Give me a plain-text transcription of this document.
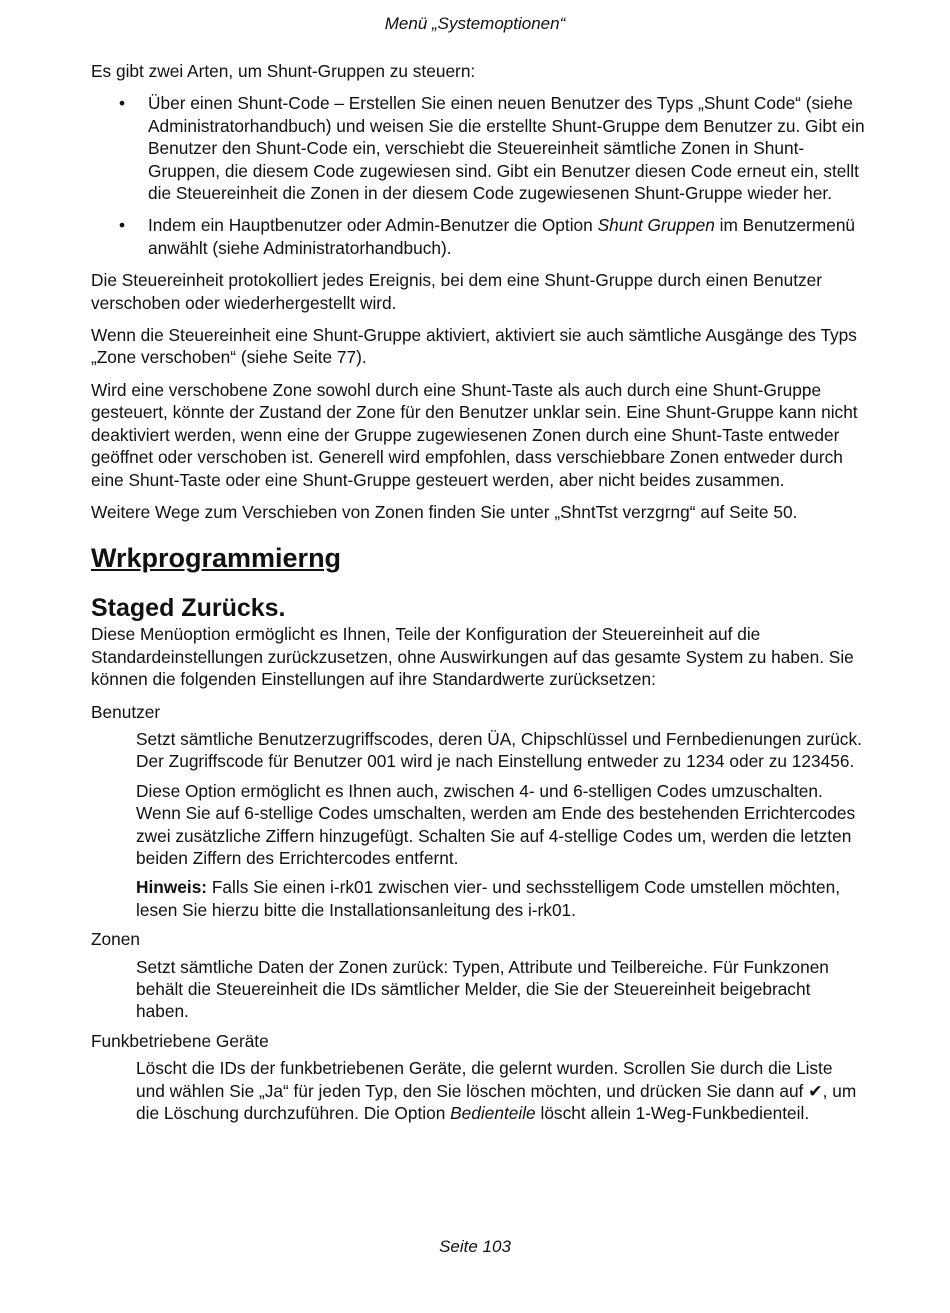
Menü „Systemoptionen“

Es gibt zwei Arten, um Shunt-Gruppen zu steuern:

• Über einen Shunt-Code – Erstellen Sie einen neuen Benutzer des Typs „Shunt Code“ (siehe Administratorhandbuch) und weisen Sie die erstellte Shunt-Gruppe dem Benutzer zu. Gibt ein Benutzer den Shunt-Code ein, verschiebt die Steuereinheit sämtliche Zonen in Shunt-Gruppen, die diesem Code zugewiesen sind. Gibt ein Benutzer diesen Code erneut ein, stellt die Steuereinheit die Zonen in der diesem Code zugewiesenen Shunt-Gruppe wieder her.
• Indem ein Hauptbenutzer oder Admin-Benutzer die Option Shunt Gruppen im Benutzermenü anwählt (siehe Administratorhandbuch).

Die Steuereinheit protokolliert jedes Ereignis, bei dem eine Shunt-Gruppe durch einen Benutzer verschoben oder wiederhergestellt wird.

Wenn die Steuereinheit eine Shunt-Gruppe aktiviert, aktiviert sie auch sämtliche Ausgänge des Typs „Zone verschoben“ (siehe Seite 77).

Wird eine verschobene Zone sowohl durch eine Shunt-Taste als auch durch eine Shunt-Gruppe gesteuert, könnte der Zustand der Zone für den Benutzer unklar sein. Eine Shunt-Gruppe kann nicht deaktiviert werden, wenn eine der Gruppe zugewiesenen Zonen durch eine Shunt-Taste entweder geöffnet oder verschoben ist. Generell wird empfohlen, dass verschiebbare Zonen entweder durch eine Shunt-Taste oder eine Shunt-Gruppe gesteuert werden, aber nicht beides zusammen.

Weitere Wege zum Verschieben von Zonen finden Sie unter „ShntTst verzgrng“ auf Seite 50.

Wrkprogrammierng
Staged Zurücks.

Diese Menüoption ermöglicht es Ihnen, Teile der Konfiguration der Steuereinheit auf die Standardeinstellungen zurückzusetzen, ohne Auswirkungen auf das gesamte System zu haben. Sie können die folgenden Einstellungen auf ihre Standardwerte zurücksetzen:

Benutzer

Setzt sämtliche Benutzerzugriffscodes, deren ÜA, Chipschlüssel und Fernbedienungen zurück. Der Zugriffscode für Benutzer 001 wird je nach Einstellung entweder zu 1234 oder zu 123456.

Diese Option ermöglicht es Ihnen auch, zwischen 4- und 6-stelligen Codes umzuschalten. Wenn Sie auf 6-stellige Codes umschalten, werden am Ende des bestehenden Errichtercodes zwei zusätzliche Ziffern hinzugefügt. Schalten Sie auf 4-stellige Codes um, werden die letzten beiden Ziffern des Errichtercodes entfernt.

Hinweis: Falls Sie einen i-rk01 zwischen vier- und sechsstelligem Code umstellen möchten, lesen Sie hierzu bitte die Installationsanleitung des i-rk01.

Zonen

Setzt sämtliche Daten der Zonen zurück: Typen, Attribute und Teilbereiche. Für Funkzonen behält die Steuereinheit die IDs sämtlicher Melder, die Sie der Steuereinheit beigebracht haben.

Funkbetriebene Geräte

Löscht die IDs der funkbetriebenen Geräte, die gelernt wurden. Scrollen Sie durch die Liste und wählen Sie „Ja“ für jeden Typ, den Sie löschen möchten, und drücken Sie dann auf ✔, um die Löschung durchzuführen. Die Option Bedienteile löscht allein 1-Weg-Funkbedienteil.

Seite 103
